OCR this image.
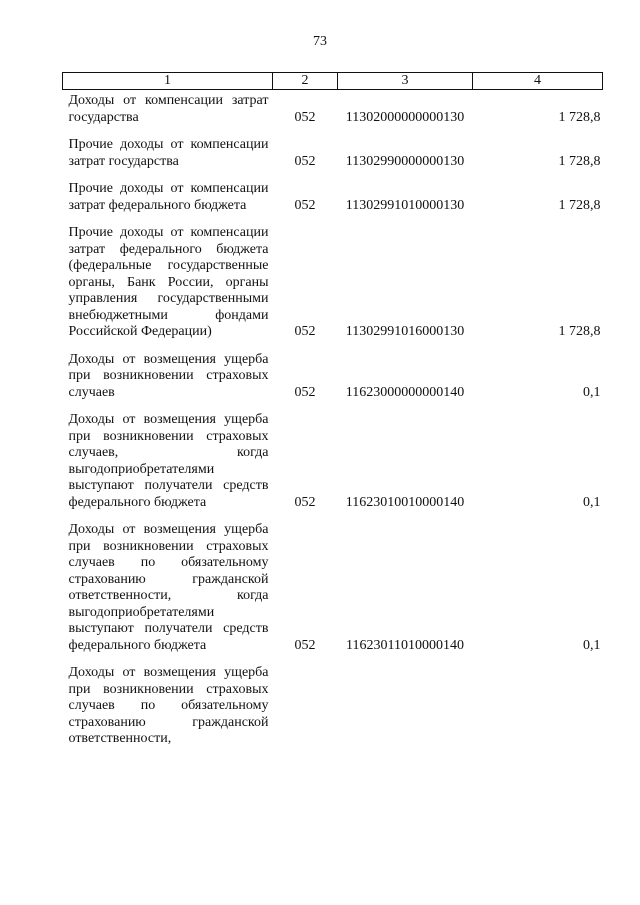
73
1	2	3	4
Доходы от компенсации затрат государства	052	11302000000000130	1 728,8
Прочие доходы от компенсации затрат государства	052	11302990000000130	1 728,8
Прочие доходы от компенсации затрат федерального бюджета	052	11302991010000130	1 728,8
Прочие доходы от компенсации затрат федерального бюджета (федеральные государственные органы, Банк России, органы управления государственными внебюджетными фондами Российской Федерации)	052	11302991016000130	1 728,8
Доходы от возмещения ущерба при возникновении страховых случаев	052	11623000000000140	0,1
Доходы от возмещения ущерба при возникновении страховых случаев, когда выгодоприобретателями выступают получатели средств федерального бюджета	052	11623010010000140	0,1
Доходы от возмещения ущерба при возникновении страховых случаев по обязательному страхованию гражданской ответственности, когда выгодоприобретателями выступают получатели средств федерального бюджета	052	11623011010000140	0,1
Доходы от возмещения ущерба при возникновении страховых случаев по обязательному страхованию гражданской ответственности,			
